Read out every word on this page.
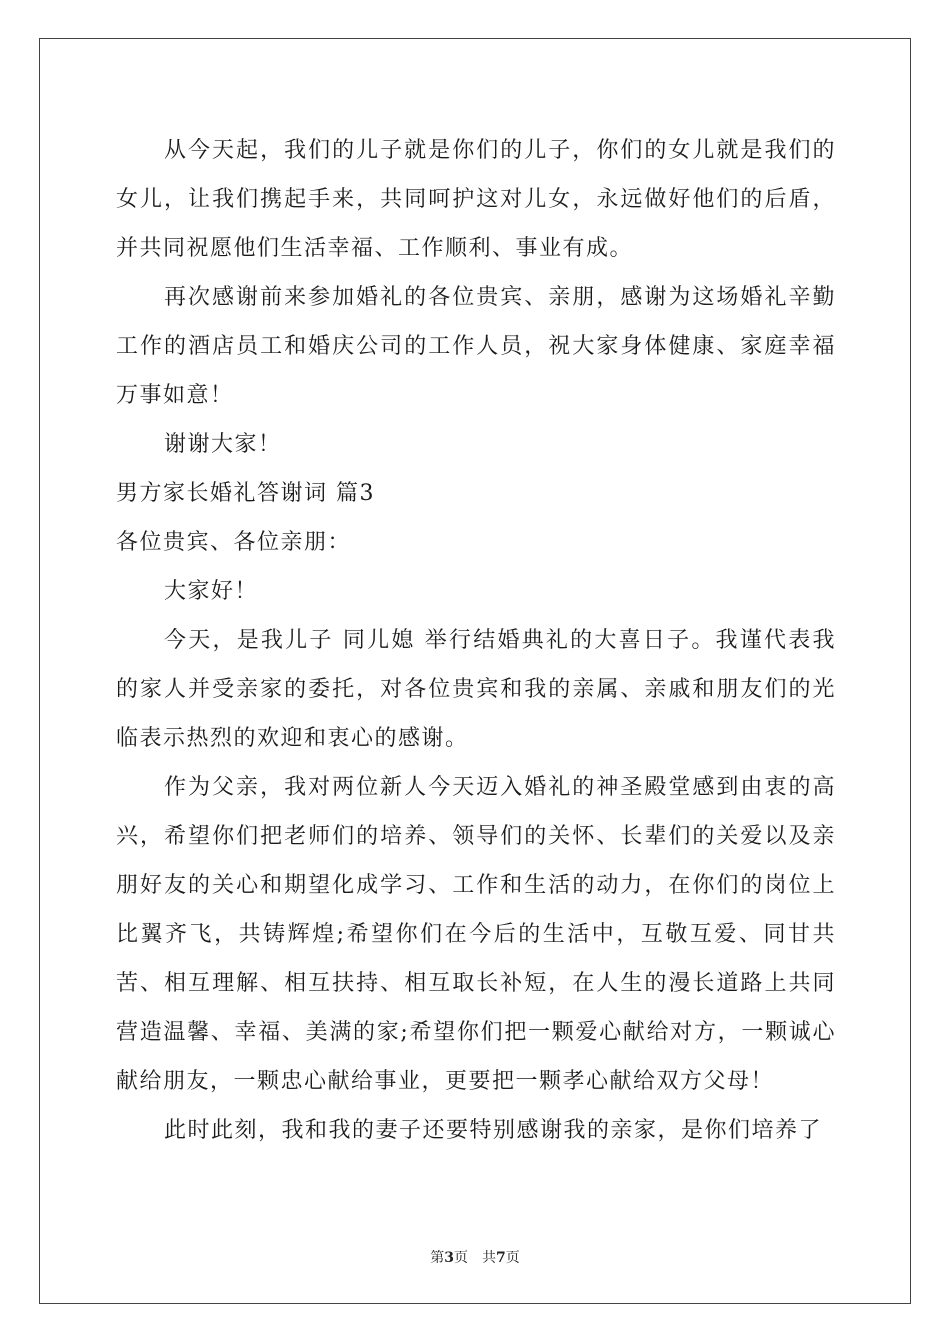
从今天起，我们的儿子就是你们的儿子，你们的女儿就是我们的女儿，让我们携起手来，共同呵护这对儿女，永远做好他们的后盾，并共同祝愿他们生活幸福、工作顺利、事业有成。

再次感谢前来参加婚礼的各位贵宾、亲朋，感谢为这场婚礼辛勤工作的酒店员工和婚庆公司的工作人员，祝大家身体健康、家庭幸福万事如意！

谢谢大家！

男方家长婚礼答谢词 篇3

各位贵宾、各位亲朋：

大家好！

今天，是我儿子 同儿媳 举行结婚典礼的大喜日子。我谨代表我的家人并受亲家的委托，对各位贵宾和我的亲属、亲戚和朋友们的光临表示热烈的欢迎和衷心的感谢。

作为父亲，我对两位新人今天迈入婚礼的神圣殿堂感到由衷的高兴，希望你们把老师们的培养、领导们的关怀、长辈们的关爱以及亲朋好友的关心和期望化成学习、工作和生活的动力，在你们的岗位上比翼齐飞，共铸辉煌;希望你们在今后的生活中，互敬互爱、同甘共苦、相互理解、相互扶持、相互取长补短，在人生的漫长道路上共同营造温馨、幸福、美满的家;希望你们把一颗爱心献给对方，一颗诚心献给朋友，一颗忠心献给事业，更要把一颗孝心献给双方父母！

此时此刻，我和我的妻子还要特别感谢我的亲家，是你们培养了

第3页　共7页
